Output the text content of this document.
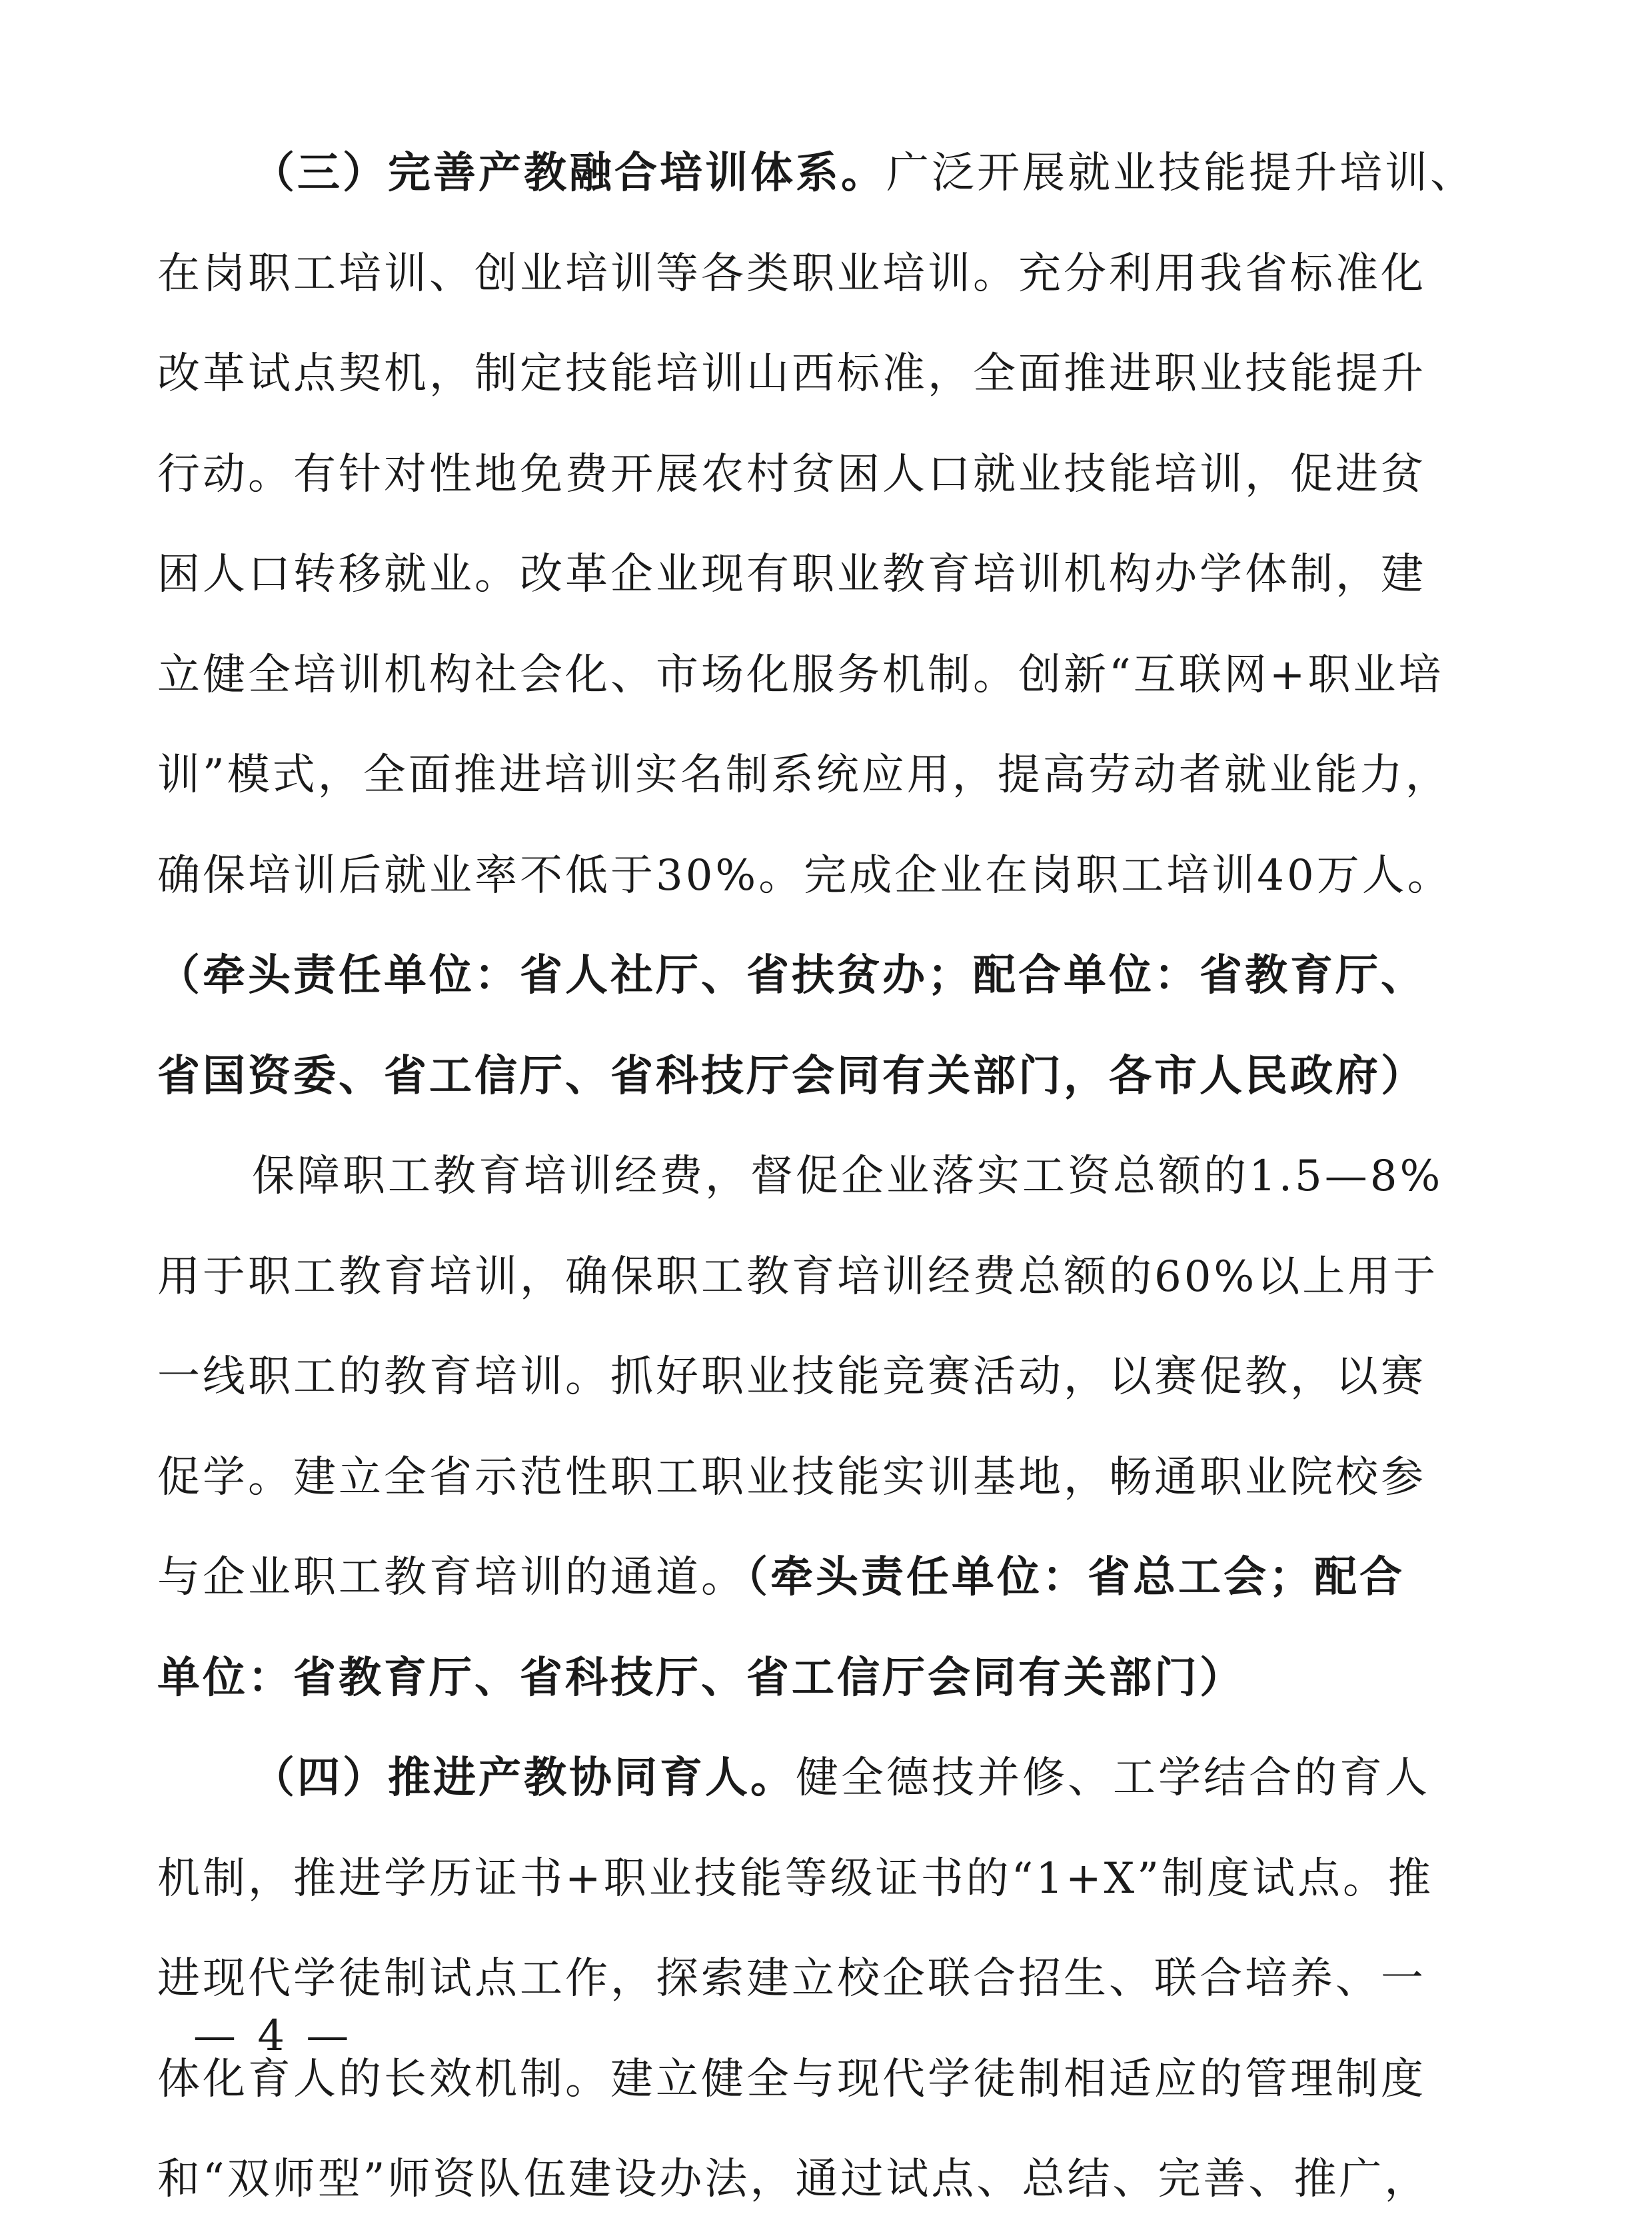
（三）完善产教融合培训体系。广泛开展就业技能提升培训、
在岗职工培训、创业培训等各类职业培训。充分利用我省标准化
改革试点契机，制定技能培训山西标准，全面推进职业技能提升
行动。有针对性地免费开展农村贫困人口就业技能培训，促进贫
困人口转移就业。改革企业现有职业教育培训机构办学体制，建
立健全培训机构社会化、市场化服务机制。创新“互联网+职业培
训”模式，全面推进培训实名制系统应用，提高劳动者就业能力，
确保培训后就业率不低于30%。完成企业在岗职工培训40万人。
（牵头责任单位：省人社厅、省扶贫办；配合单位：省教育厅、
省国资委、省工信厅、省科技厅会同有关部门，各市人民政府）
保障职工教育培训经费，督促企业落实工资总额的1.5—8%
用于职工教育培训，确保职工教育培训经费总额的60%以上用于
一线职工的教育培训。抓好职业技能竞赛活动，以赛促教，以赛
促学。建立全省示范性职工职业技能实训基地，畅通职业院校参
与企业职工教育培训的通道。（牵头责任单位：省总工会；配合
单位：省教育厅、省科技厅、省工信厅会同有关部门）
（四）推进产教协同育人。健全德技并修、工学结合的育人
机制，推进学历证书+职业技能等级证书的“1+X”制度试点。推
进现代学徒制试点工作，探索建立校企联合招生、联合培养、一
体化育人的长效机制。建立健全与现代学徒制相适应的管理制度
和“双师型”师资队伍建设办法，通过试点、总结、完善、推广，
— 4 —
